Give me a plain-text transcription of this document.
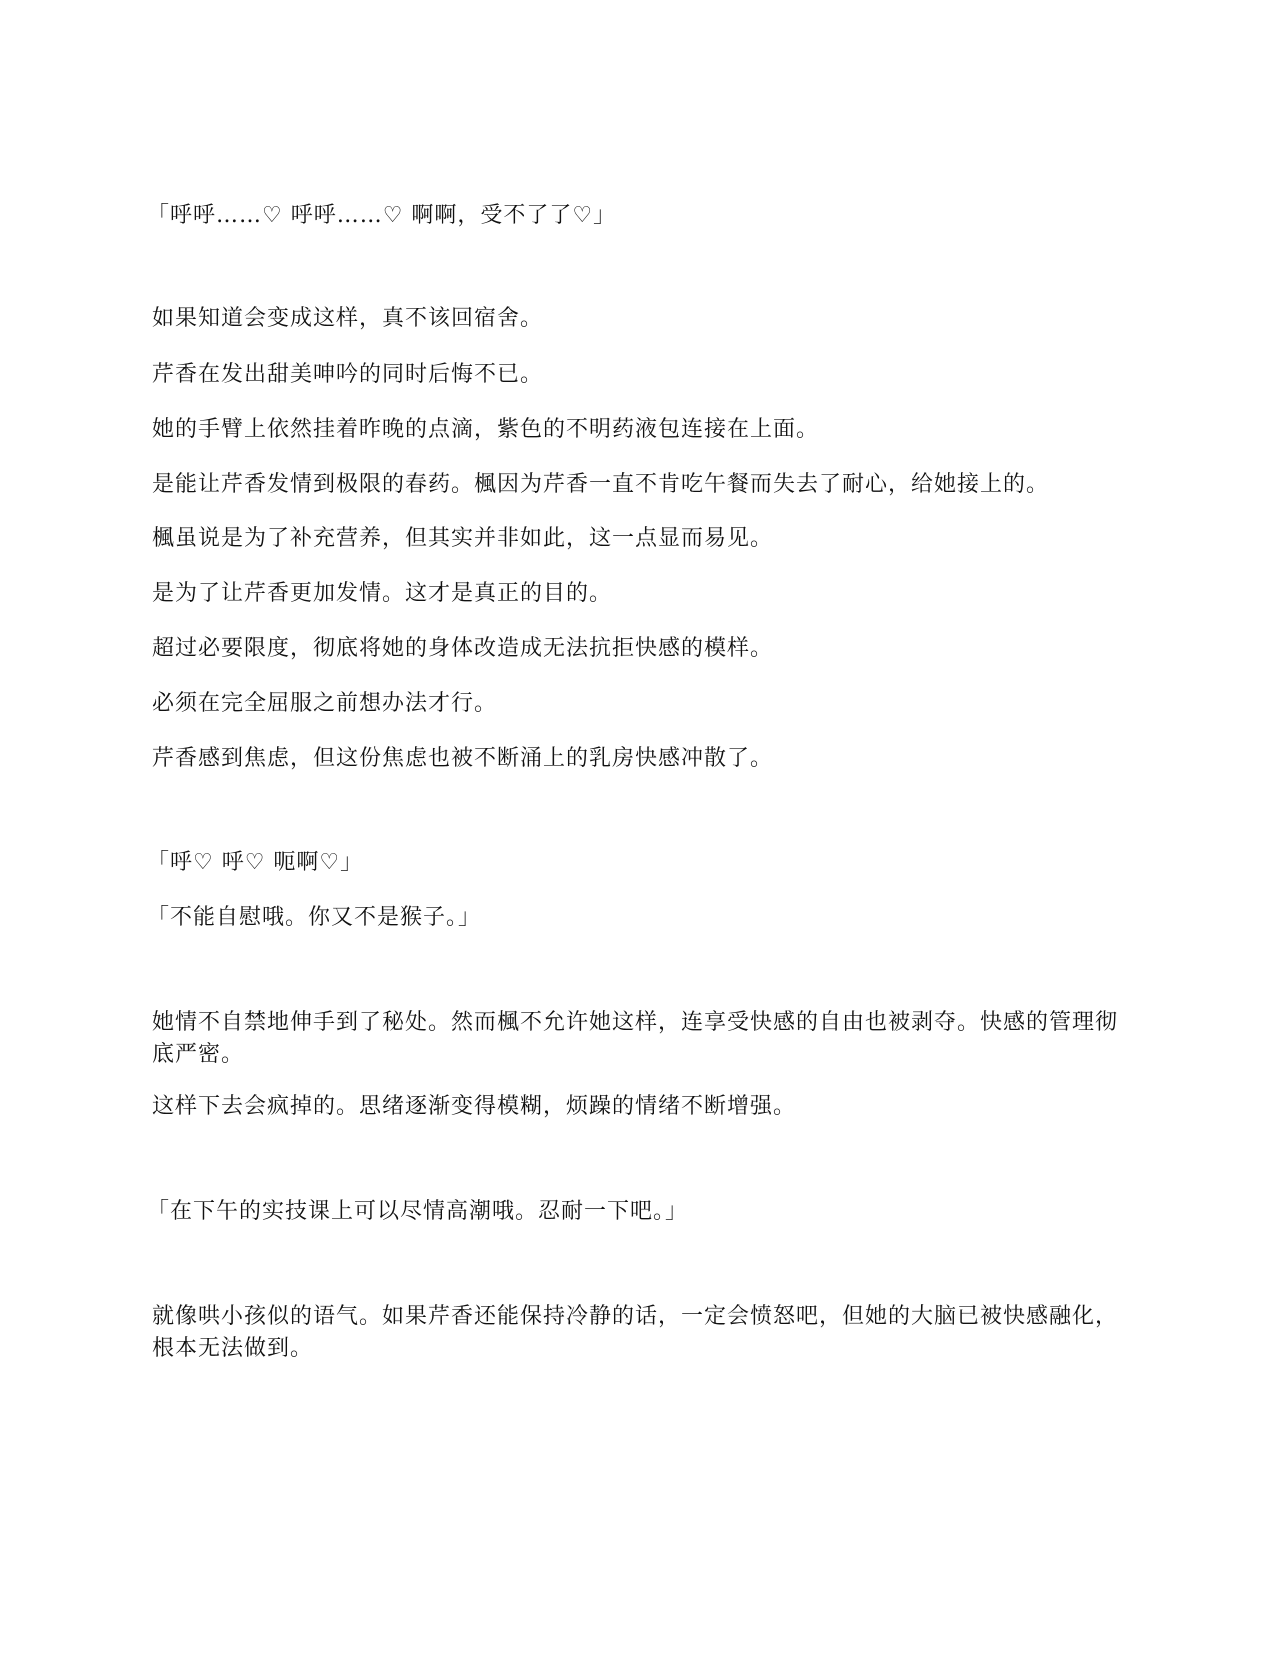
「呼呼……♡ 呼呼……♡ 啊啊，受不了了♡」

如果知道会变成这样，真不该回宿舍。

芹香在发出甜美呻吟的同时后悔不已。

她的手臂上依然挂着昨晚的点滴，紫色的不明药液包连接在上面。

是能让芹香发情到极限的春药。楓因为芹香一直不肯吃午餐而失去了耐心，给她接上的。

楓虽说是为了补充营养，但其实并非如此，这一点显而易见。

是为了让芹香更加发情。这才是真正的目的。

超过必要限度，彻底将她的身体改造成无法抗拒快感的模样。

必须在完全屈服之前想办法才行。

芹香感到焦虑，但这份焦虑也被不断涌上的乳房快感冲散了。

「呼♡ 呼♡ 呃啊♡」

「不能自慰哦。你又不是猴子。」

她情不自禁地伸手到了秘处。然而楓不允许她这样，连享受快感的自由也被剥夺。快感的管理彻底严密。

这样下去会疯掉的。思绪逐渐变得模糊，烦躁的情绪不断增强。

「在下午的实技课上可以尽情高潮哦。忍耐一下吧。」

就像哄小孩似的语气。如果芹香还能保持冷静的话，一定会愤怒吧，但她的大脑已被快感融化，根本无法做到。
